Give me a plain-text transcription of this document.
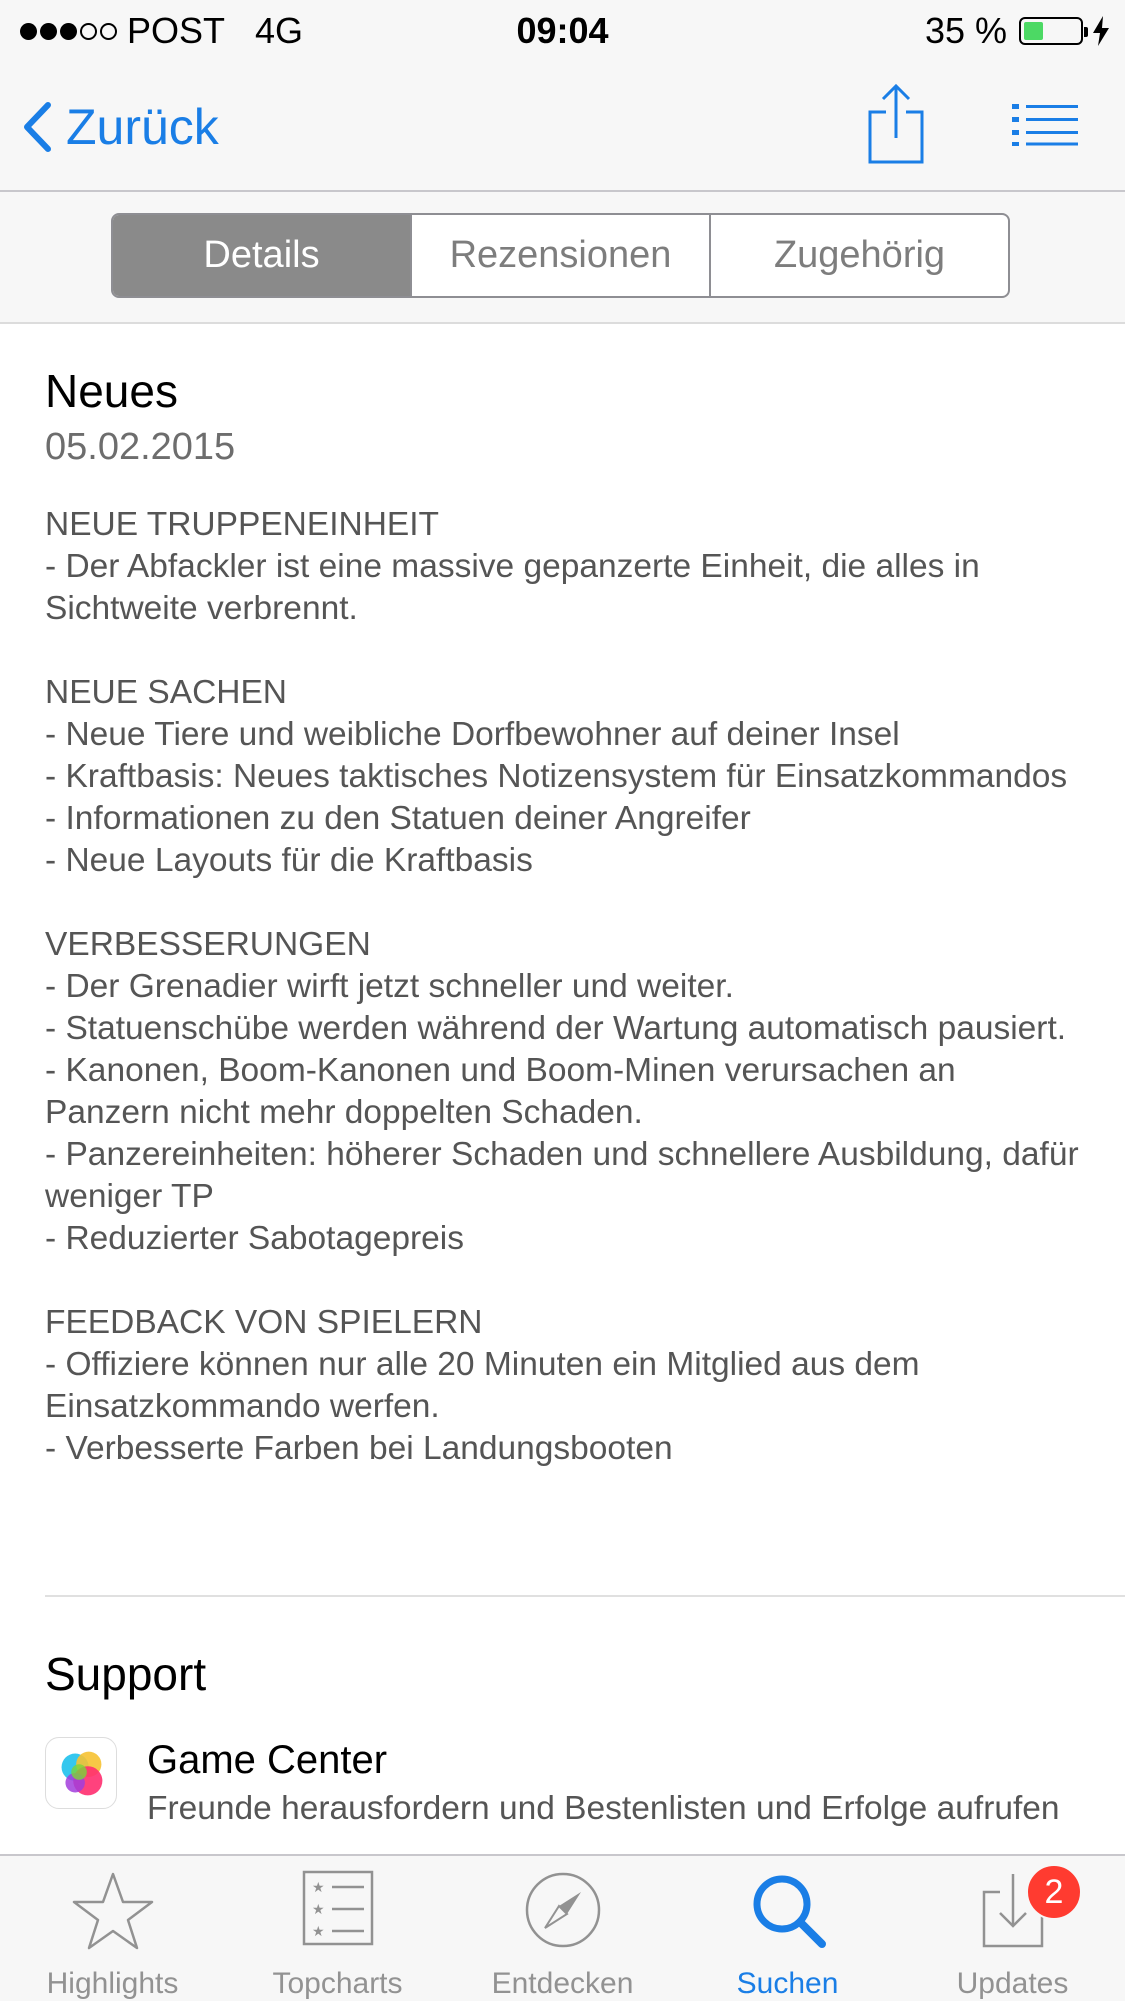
POST 4G	09:04	35 %
Zurück
Details	Rezensionen	Zugehörig
Neues
05.02.2015
NEUE TRUPPENEINHEIT
- Der Abfackler ist eine massive gepanzerte Einheit, die alles in Sichtweite verbrennt.

NEUE SACHEN
- Neue Tiere und weibliche Dorfbewohner auf deiner Insel
- Kraftbasis: Neues taktisches Notizensystem für Einsatzkommandos
- Informationen zu den Statuen deiner Angreifer
- Neue Layouts für die Kraftbasis

VERBESSERUNGEN
- Der Grenadier wirft jetzt schneller und weiter.
- Statuenschübe werden während der Wartung automatisch pausiert.
- Kanonen, Boom-Kanonen und Boom-Minen verursachen an Panzern nicht mehr doppelten Schaden.
- Panzereinheiten: höherer Schaden und schnellere Ausbildung, dafür weniger TP
- Reduzierter Sabotagepreis

FEEDBACK VON SPIELERN
- Offiziere können nur alle 20 Minuten ein Mitglied aus dem Einsatzkommando werfen.
- Verbesserte Farben bei Landungsbooten
Support
Game Center
Freunde herausfordern und Bestenlisten und Erfolge aufrufen
Highlights
★
★
★
Topcharts	Entdecken	Suchen
2
Updates
